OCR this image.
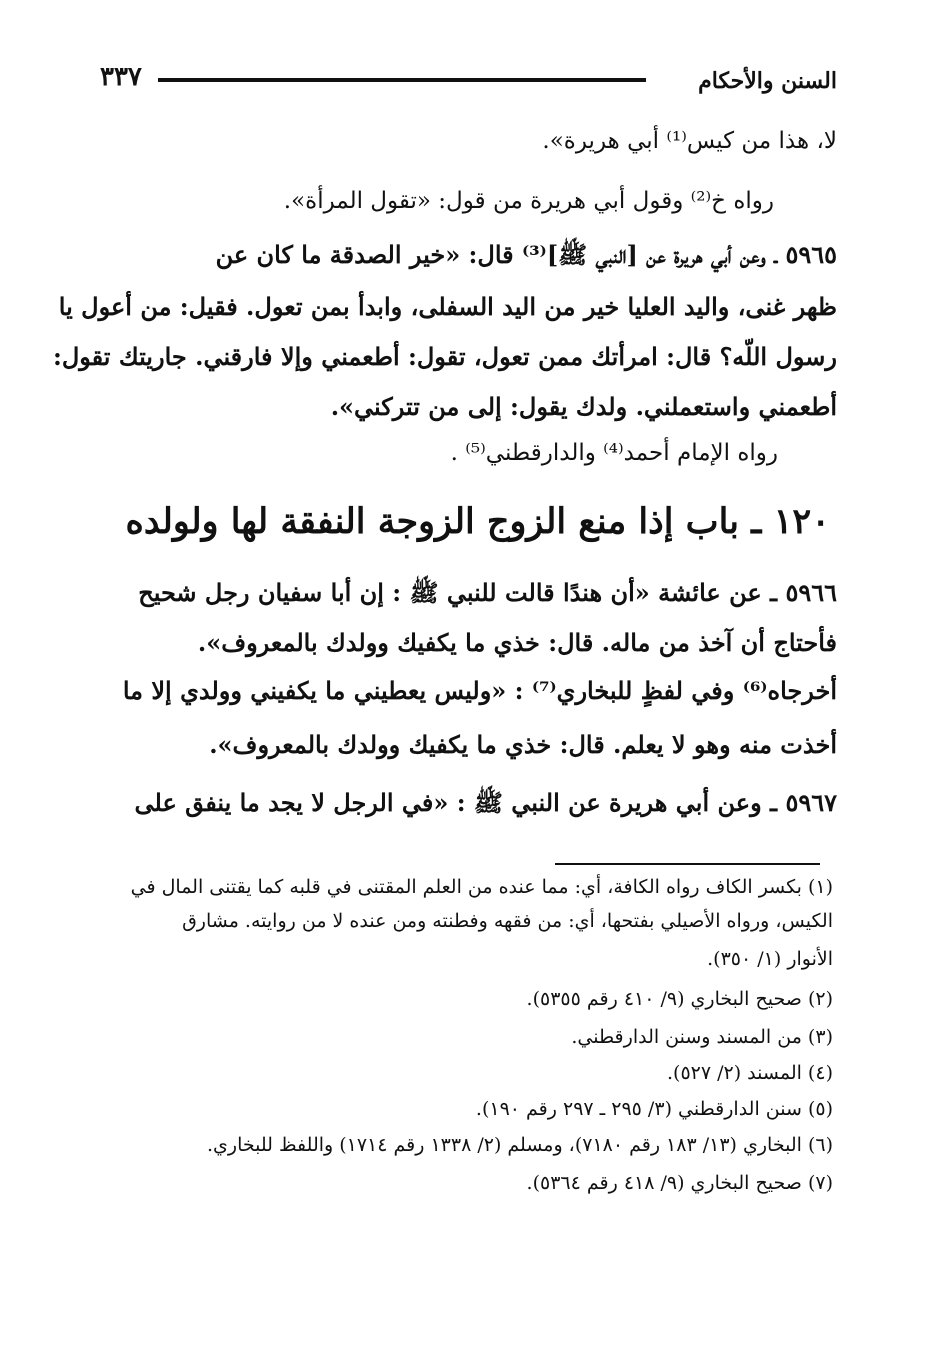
٣٣٧	السنن والأحكام
لا، هذا من كيس⁽¹⁾ أبي هريرة».
رواه خ⁽²⁾ وقول أبي هريرة من قول: «تقول المرأة».
٥٩٦٥ ـ وعن أبي هريرة عن [النبي ﷺ]⁽³⁾ قال: «خير الصدقة ما كان عن
ظهر غنى، واليد العليا خير من اليد السفلى، وابدأ بمن تعول. فقيل: من أعول يا
رسول اللّه؟ قال: امرأتك ممن تعول، تقول: أطعمني وإلا فارقني. جاريتك تقول:
أطعمني واستعملني. ولدك يقول: إلى من تتركني».
رواه الإمام أحمد⁽⁴⁾ والدارقطني⁽⁵⁾ .
١٢٠ ـ باب إذا منع الزوج الزوجة النفقة لها ولولده
٥٩٦٦ ـ عن عائشة «أن هندًا قالت للنبي ﷺ : إن أبا سفيان رجل شحيح
فأحتاج أن آخذ من ماله. قال: خذي ما يكفيك وولدك بالمعروف».
أخرجاه⁽⁶⁾ وفي لفظٍ للبخاري⁽⁷⁾ : «وليس يعطيني ما يكفيني وولدي إلا ما
أخذت منه وهو لا يعلم. قال: خذي ما يكفيك وولدك بالمعروف».
٥٩٦٧ ـ وعن أبي هريرة عن النبي ﷺ : «في الرجل لا يجد ما ينفق على
(١) بكسر الكاف رواه الكافة، أي: مما عنده من العلم المقتنى في قلبه كما يقتنى المال في
الكيس، ورواه الأصيلي بفتحها، أي: من فقهه وفطنته ومن عنده لا من روايته. مشارق
الأنوار (١/ ٣٥٠).
(٢) صحيح البخاري (٩/ ٤١٠ رقم ٥٣٥٥).
(٣) من المسند وسنن الدارقطني.
(٤) المسند (٢/ ٥٢٧).
(٥) سنن الدارقطني (٣/ ٢٩٥ ـ ٢٩٧ رقم ١٩٠).
(٦) البخاري (١٣/ ١٨٣ رقم ٧١٨٠)، ومسلم (٢/ ١٣٣٨ رقم ١٧١٤) واللفظ للبخاري.
(٧) صحيح البخاري (٩/ ٤١٨ رقم ٥٣٦٤).
